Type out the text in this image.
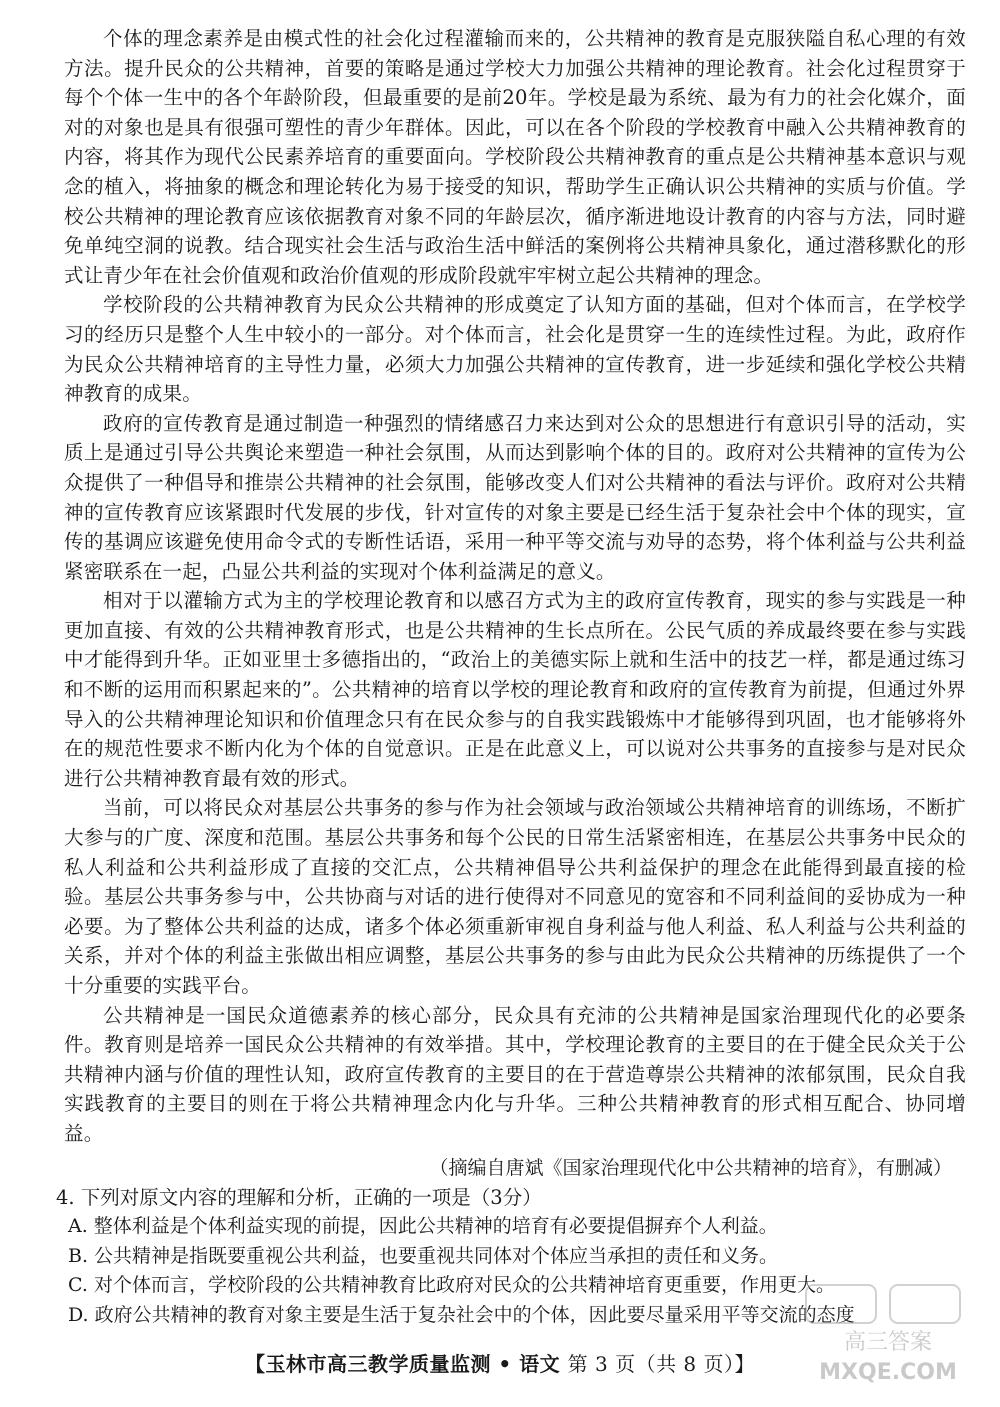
个体的理念素养是由模式性的社会化过程灌输而来的，公共精神的教育是克服狭隘自私心理的有效方法。提升民众的公共精神，首要的策略是通过学校大力加强公共精神的理论教育。社会化过程贯穿于每个个体一生中的各个年龄阶段，但最重要的是前20年。学校是最为系统、最为有力的社会化媒介，面对的对象也是具有很强可塑性的青少年群体。因此，可以在各个阶段的学校教育中融入公共精神教育的内容，将其作为现代公民素养培育的重要面向。学校阶段公共精神教育的重点是公共精神基本意识与观念的植入，将抽象的概念和理论转化为易于接受的知识，帮助学生正确认识公共精神的实质与价值。学校公共精神的理论教育应该依据教育对象不同的年龄层次，循序渐进地设计教育的内容与方法，同时避免单纯空洞的说教。结合现实社会生活与政治生活中鲜活的案例将公共精神具象化，通过潜移默化的形式让青少年在社会价值观和政治价值观的形成阶段就牢牢树立起公共精神的理念。

学校阶段的公共精神教育为民众公共精神的形成奠定了认知方面的基础，但对个体而言，在学校学习的经历只是整个人生中较小的一部分。对个体而言，社会化是贯穿一生的连续性过程。为此，政府作为民众公共精神培育的主导性力量，必须大力加强公共精神的宣传教育，进一步延续和强化学校公共精神教育的成果。

政府的宣传教育是通过制造一种强烈的情绪感召力来达到对公众的思想进行有意识引导的活动，实质上是通过引导公共舆论来塑造一种社会氛围，从而达到影响个体的目的。政府对公共精神的宣传为公众提供了一种倡导和推崇公共精神的社会氛围，能够改变人们对公共精神的看法与评价。政府对公共精神的宣传教育应该紧跟时代发展的步伐，针对宣传的对象主要是已经生活于复杂社会中个体的现实，宣传的基调应该避免使用命令式的专断性话语，采用一种平等交流与劝导的态势，将个体利益与公共利益紧密联系在一起，凸显公共利益的实现对个体利益满足的意义。

相对于以灌输方式为主的学校理论教育和以感召方式为主的政府宣传教育，现实的参与实践是一种更加直接、有效的公共精神教育形式，也是公共精神的生长点所在。公民气质的养成最终要在参与实践中才能得到升华。正如亚里士多德指出的，“政治上的美德实际上就和生活中的技艺一样，都是通过练习和不断的运用而积累起来的”。公共精神的培育以学校的理论教育和政府的宣传教育为前提，但通过外界导入的公共精神理论知识和价值理念只有在民众参与的自我实践锻炼中才能够得到巩固，也才能够将外在的规范性要求不断内化为个体的自觉意识。正是在此意义上，可以说对公共事务的直接参与是对民众进行公共精神教育最有效的形式。

当前，可以将民众对基层公共事务的参与作为社会领域与政治领域公共精神培育的训练场，不断扩大参与的广度、深度和范围。基层公共事务和每个公民的日常生活紧密相连，在基层公共事务中民众的私人利益和公共利益形成了直接的交汇点，公共精神倡导公共利益保护的理念在此能得到最直接的检验。基层公共事务参与中，公共协商与对话的进行使得对不同意见的宽容和不同利益间的妥协成为一种必要。为了整体公共利益的达成，诸多个体必须重新审视自身利益与他人利益、私人利益与公共利益的关系，并对个体的利益主张做出相应调整，基层公共事务的参与由此为民众公共精神的历练提供了一个十分重要的实践平台。

公共精神是一国民众道德素养的核心部分，民众具有充沛的公共精神是国家治理现代化的必要条件。教育则是培养一国民众公共精神的有效举措。其中，学校理论教育的主要目的在于健全民众关于公共精神内涵与价值的理性认知，政府宣传教育的主要目的在于营造尊崇公共精神的浓郁氛围，民众自我实践教育的主要目的则在于将公共精神理念内化与升华。三种公共精神教育的形式相互配合、协同增益。

（摘编自唐斌《国家治理现代化中公共精神的培育》，有删减）

4. 下列对原文内容的理解和分析，正确的一项是（3分）

A. 整体利益是个体利益实现的前提，因此公共精神的培育有必要提倡摒弃个人利益。

B. 公共精神是指既要重视公共利益，也要重视共同体对个体应当承担的责任和义务。

C. 对个体而言，学校阶段的公共精神教育比政府对民众的公共精神培育更重要，作用更大。

D. 政府公共精神的教育对象主要是生活于复杂社会中的个体，因此要尽量采用平等交流的态度

【玉林市高三教学质量监测 • 语文 第 3 页（共 8 页）】
高三答案
MXQE.COM
